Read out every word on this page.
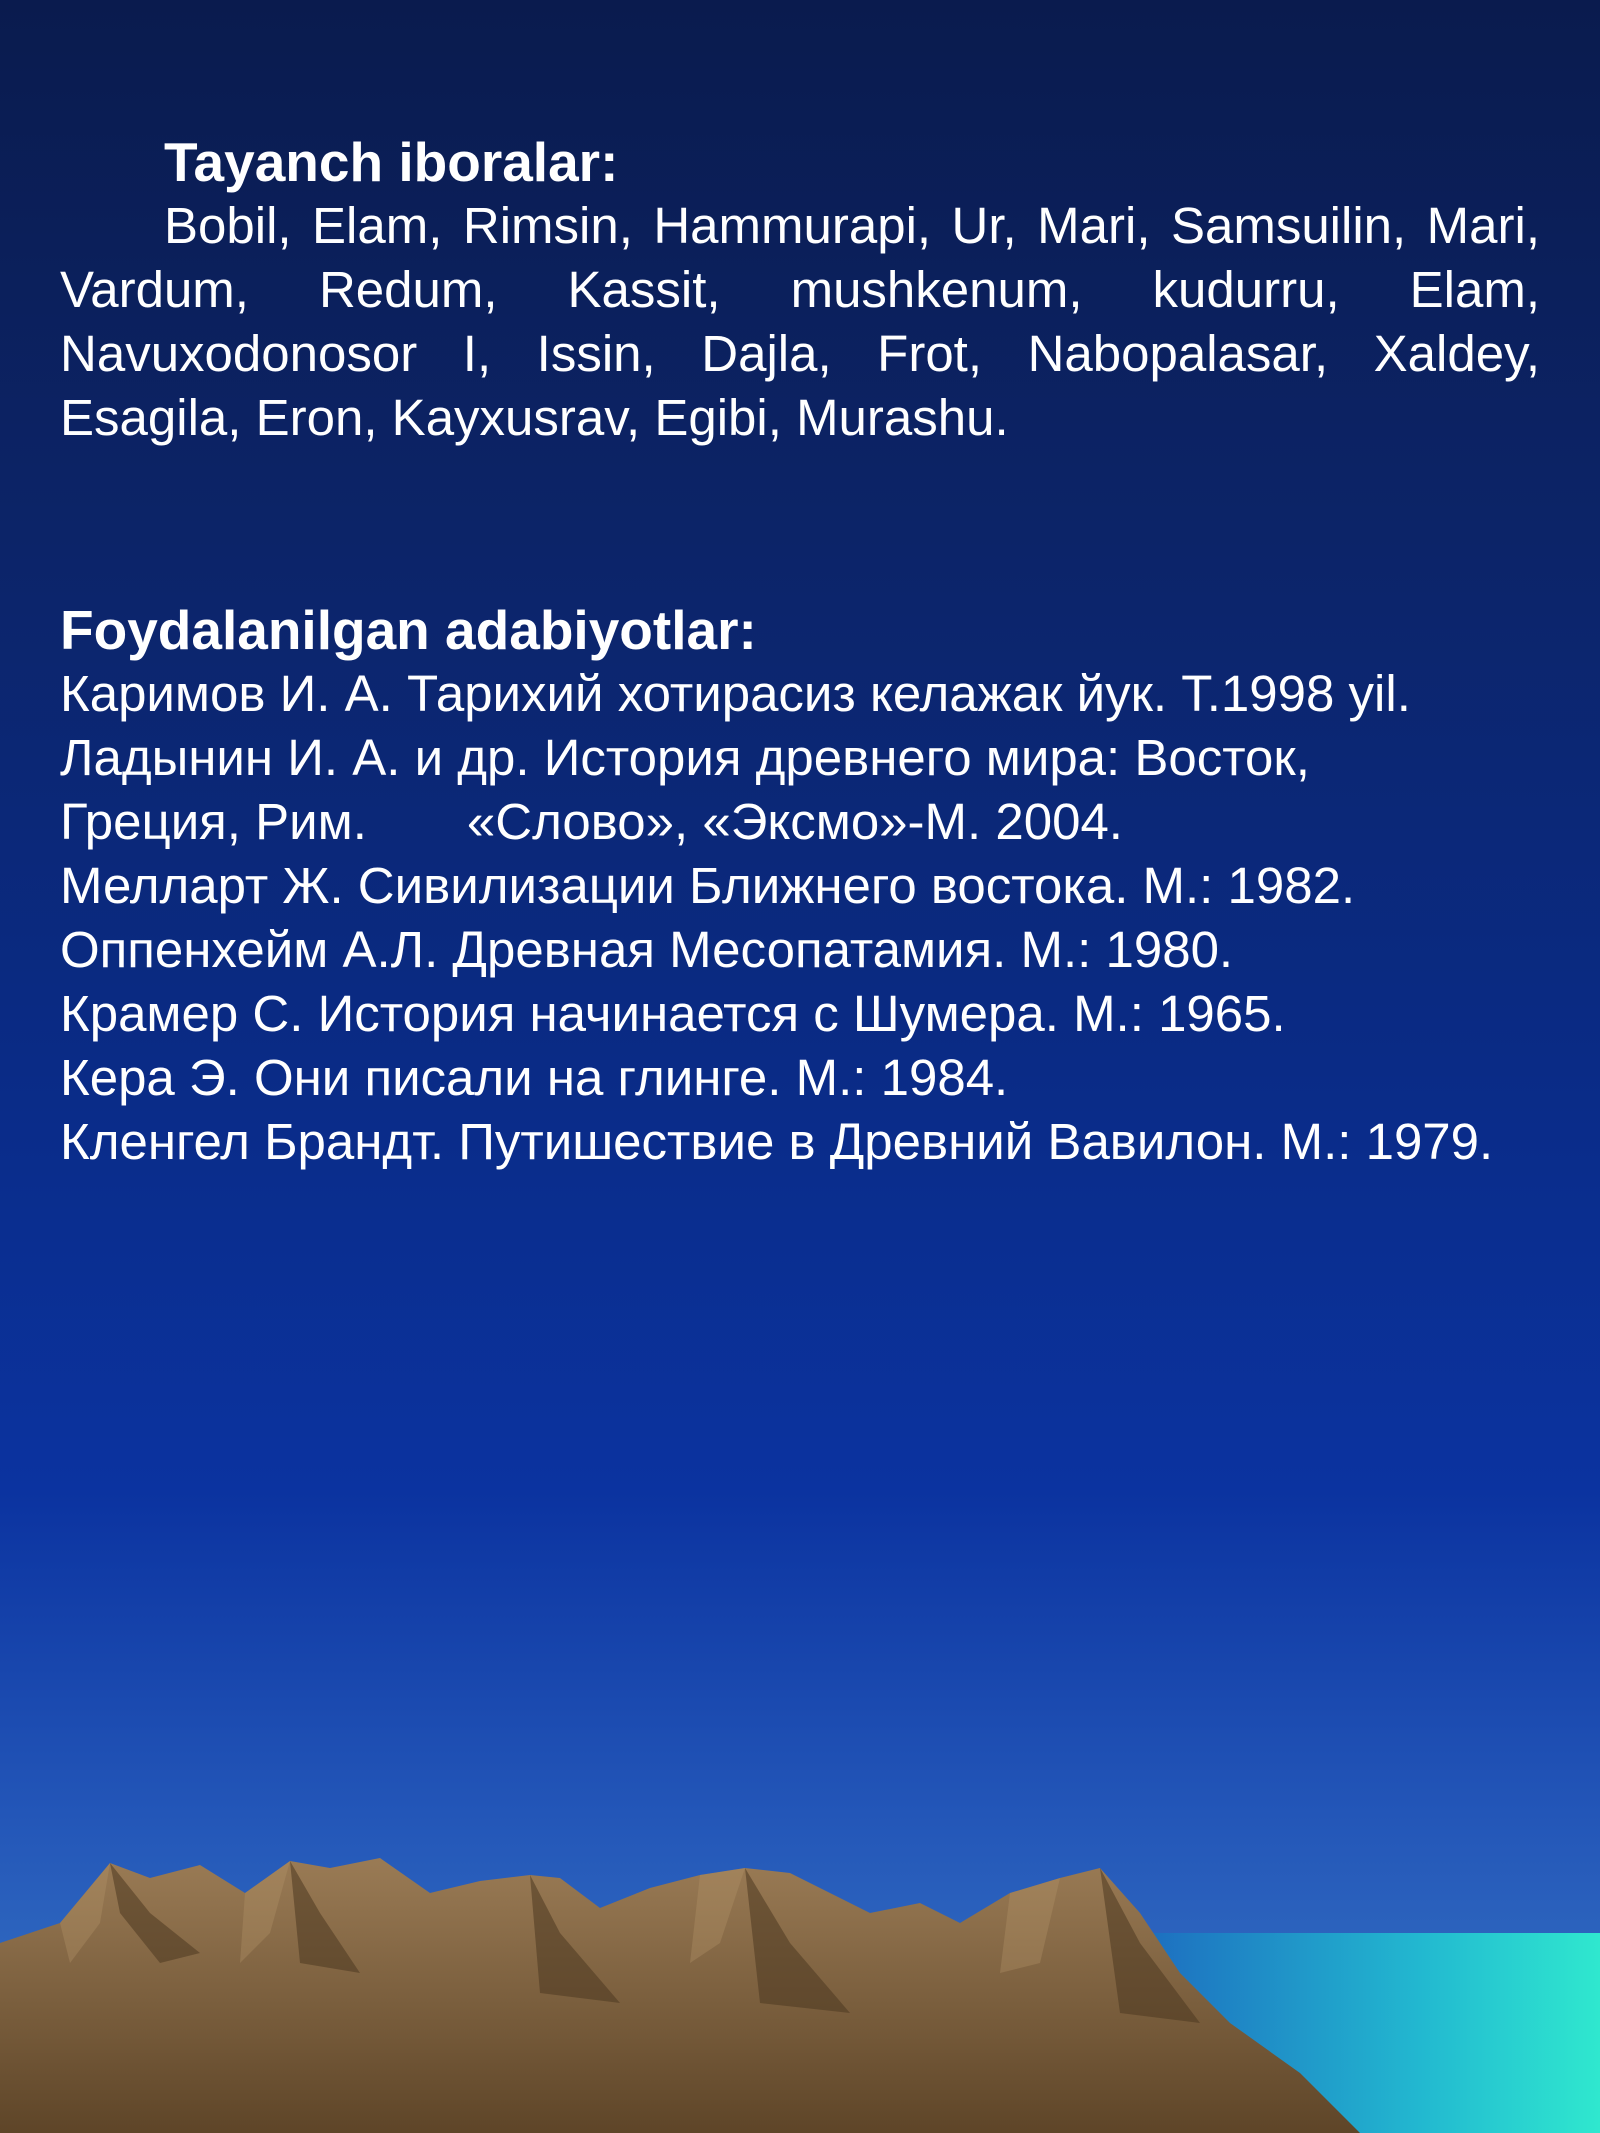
Tayanch iboralar:

Bobil, Elam, Rimsin, Hammurapi, Ur, Mari, Samsuilin, Mari, Vardum, Redum, Kassit, mushkenum, kudurru, Elam, Navuxodonosor I, Issin, Dajla, Frot, Nabopalasar, Xaldey, Esagila, Eron, Kayxusrav, Egibi, Murashu.

Foydalanilgan adabiyotlar:

Каримов И. А. Тарихий хотирасиз келажак йук. Т.1998 yil.
Ладынин И. А. и др. История древнего мира: Восток,
Греция, Рим. «Слово», «Эксмо»-М. 2004.
Мелларт Ж. Сивилизации Ближнего востока. М.: 1982.
Оппенхейм А.Л. Древная Месопатамия. М.: 1980.
Крамер С. История начинается с Шумера. М.: 1965.
Кера Э. Они писали на глинге. М.: 1984.
Кленгел Брандт. Путишествие в Древний Вавилон. М.: 1979.
